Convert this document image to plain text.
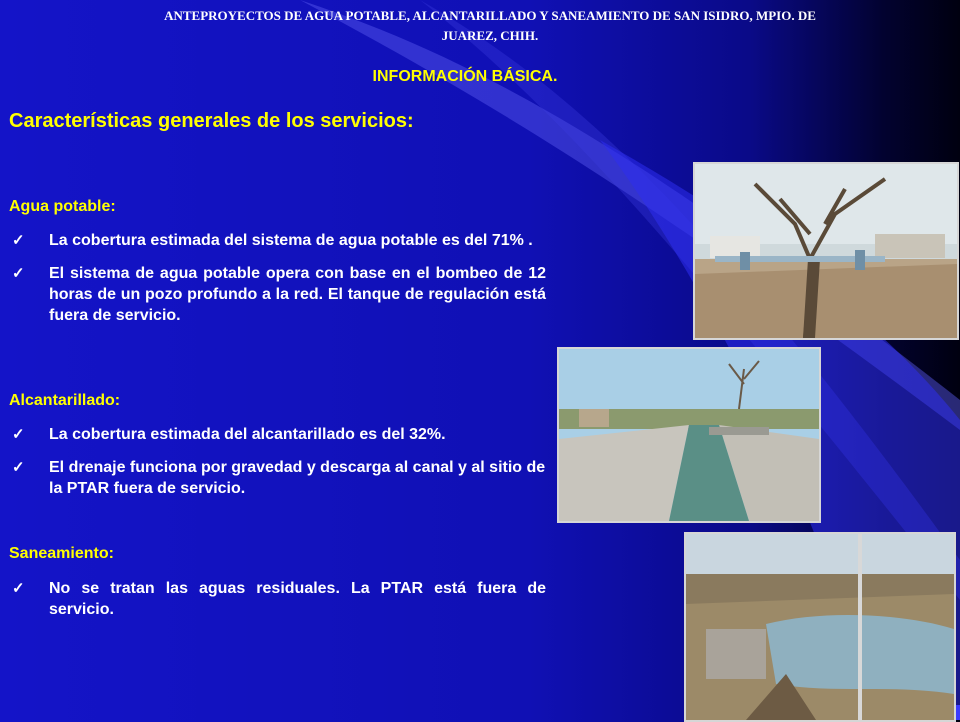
ANTEPROYECTOS DE AGUA POTABLE, ALCANTARILLADO Y SANEAMIENTO DE SAN ISIDRO, MPIO. DE
JUAREZ, CHIH.
INFORMACIÓN BÁSICA.
Características generales de los servicios:
Agua potable:
✓ La cobertura estimada del sistema de agua potable es del 71% .
✓ El sistema de agua potable opera con base en el bombeo de 12 horas de un pozo profundo a la red. El tanque de regulación está fuera de servicio.
Alcantarillado:
✓ La cobertura estimada del alcantarillado es del 32%.
✓ El drenaje funciona por gravedad y descarga al canal y al sitio de la PTAR fuera de servicio.
Saneamiento:
✓ No se tratan las aguas residuales. La PTAR está fuera de servicio.
